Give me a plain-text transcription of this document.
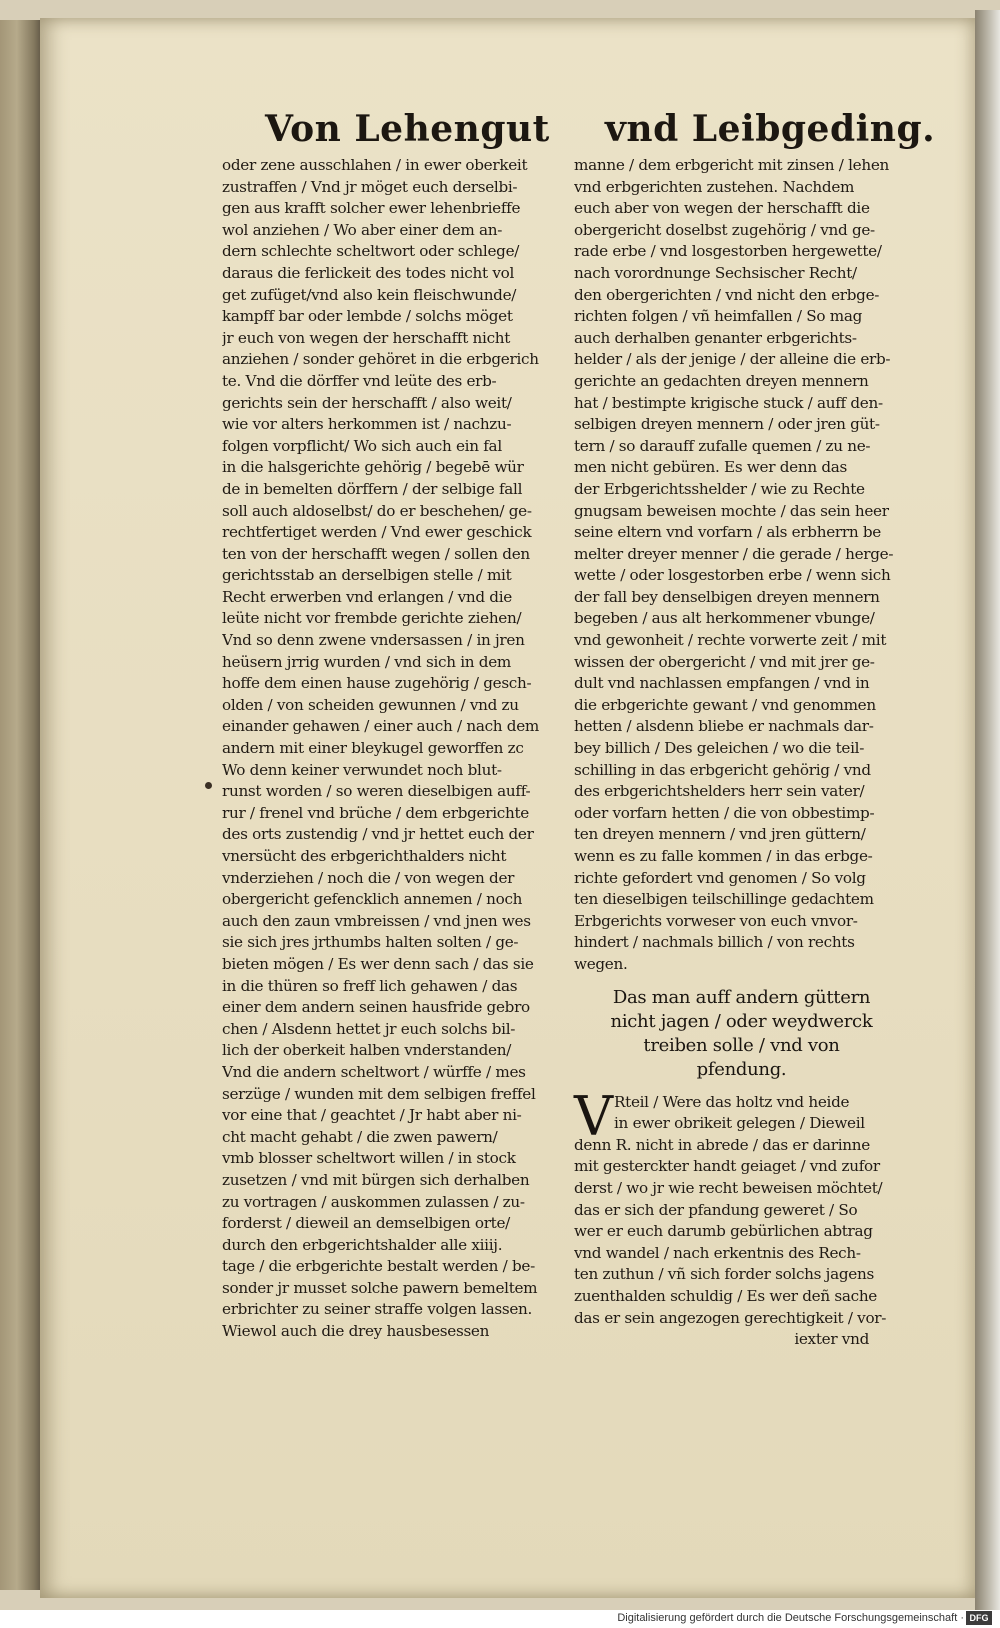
Von Lehengut vnd Leibgeding.
oder zene ausschlahen / in ewer oberkeit
zustraffen / Vnd jr möget euch derselbi-
gen aus krafft solcher ewer lehenbrieffe
wol anziehen / Wo aber einer dem an-
dern schlechte scheltwort oder schlege/
daraus die ferlickeit des todes nicht vol
get zufüget/vnd also kein fleischwunde/
kampff bar oder lembde / solchs möget
jr euch von wegen der herschafft nicht
anziehen / sonder gehöret in die erbgerich
te. Vnd die dörffer vnd leüte des erb-
gerichts sein der herschafft / also weit/
wie vor alters herkommen ist / nachzu-
folgen vorpflicht/ Wo sich auch ein fal
in die halsgerichte gehörig / begebē wür
de in bemelten dörffern / der selbige fall
soll auch aldoselbst/ do er beschehen/ ge-
rechtfertiget werden / Vnd ewer geschick
ten von der herschafft wegen / sollen den
gerichtsstab an derselbigen stelle / mit
Recht erwerben vnd erlangen / vnd die
leüte nicht vor frembde gerichte ziehen/
Vnd so denn zwene vndersassen / in jren
heüsern jrrig wurden / vnd sich in dem
hoffe dem einen hause zugehörig / gesch-
olden / von scheiden gewunnen / vnd zu
einander gehawen / einer auch / nach dem
andern mit einer bleykugel geworffen zc
Wo denn keiner verwundet noch blut-
runst worden / so weren dieselbigen auff-
rur / frenel vnd brüche / dem erbgerichte
des orts zustendig / vnd jr hettet euch der
vnersücht des erbgerichthalders nicht
vnderziehen / noch die / von wegen der
obergericht gefencklich annemen / noch
auch den zaun vmbreissen / vnd jnen wes
sie sich jres jrthumbs halten solten / ge-
bieten mögen / Es wer denn sach / das sie
in die thüren so freff lich gehawen / das
einer dem andern seinen hausfride gebro
chen / Alsdenn hettet jr euch solchs bil-
lich der oberkeit halben vnderstanden/
Vnd die andern scheltwort / würffe / mes
serzüge / wunden mit dem selbigen freffel
vor eine that / geachtet / Jr habt aber ni-
cht macht gehabt / die zwen pawern/
vmb blosser scheltwort willen / in stock
zusetzen / vnd mit bürgen sich derhalben
zu vortragen / auskommen zulassen / zu-
forderst / dieweil an demselbigen orte/
durch den erbgerichtshalder alle xiiij.
tage / die erbgerichte bestalt werden / be-
sonder jr musset solche pawern bemeltem
erbrichter zu seiner straffe volgen lassen.
Wiewol auch die drey hausbesessen
manne / dem erbgericht mit zinsen / lehen
vnd erbgerichten zustehen. Nachdem
euch aber von wegen der herschafft die
obergericht doselbst zugehörig / vnd ge-
rade erbe / vnd losgestorben hergewette/
nach vorordnunge Sechsischer Recht/
den obergerichten / vnd nicht den erbge-
richten folgen / vñ heimfallen / So mag
auch derhalben genanter erbgerichts-
helder / als der jenige / der alleine die erb-
gerichte an gedachten dreyen mennern
hat / bestimpte krigische stuck / auff den-
selbigen dreyen mennern / oder jren güt-
tern / so darauff zufalle quemen / zu ne-
men nicht gebüren. Es wer denn das
der Erbgerichtsshelder / wie zu Rechte
gnugsam beweisen mochte / das sein heer
seine eltern vnd vorfarn / als erbherrn be
melter dreyer menner / die gerade / herge-
wette / oder losgestorben erbe / wenn sich
der fall bey denselbigen dreyen mennern
begeben / aus alt herkommener vbunge/
vnd gewonheit / rechte vorwerte zeit / mit
wissen der obergericht / vnd mit jrer ge-
dult vnd nachlassen empfangen / vnd in
die erbgerichte gewant / vnd genommen
hetten / alsdenn bliebe er nachmals dar-
bey billich / Des geleichen / wo die teil-
schilling in das erbgericht gehörig / vnd
des erbgerichtshelders herr sein vater/
oder vorfarn hetten / die von obbestimp-
ten dreyen mennern / vnd jren güttern/
wenn es zu falle kommen / in das erbge-
richte gefordert vnd genomen / So volg
ten dieselbigen teilschillinge gedachtem
Erbgerichts vorweser von euch vnvor-
hindert / nachmals billich / von rechts
wegen.
Das man auff andern güttern
nicht jagen / oder weydwerck
treiben solle / vnd von
pfendung.
V Rteil / Were das holtz vnd heide
in ewer obrikeit gelegen / Dieweil
denn R. nicht in abrede / das er darinne
mit gesterckter handt geiaget / vnd zufor
derst / wo jr wie recht beweisen möchtet/
das er sich der pfandung geweret / So
wer er euch darumb gebürlichen abtrag
vnd wandel / nach erkentnis des Rech-
ten zuthun / vñ sich forder solchs jagens
zuenthalden schuldig / Es wer deñ sache
das er sein angezogen gerechtigkeit / vor-
iexter vnd
Digitalisierung gefördert durch die Deutsche Forschungsgemeinschaft · DFG
